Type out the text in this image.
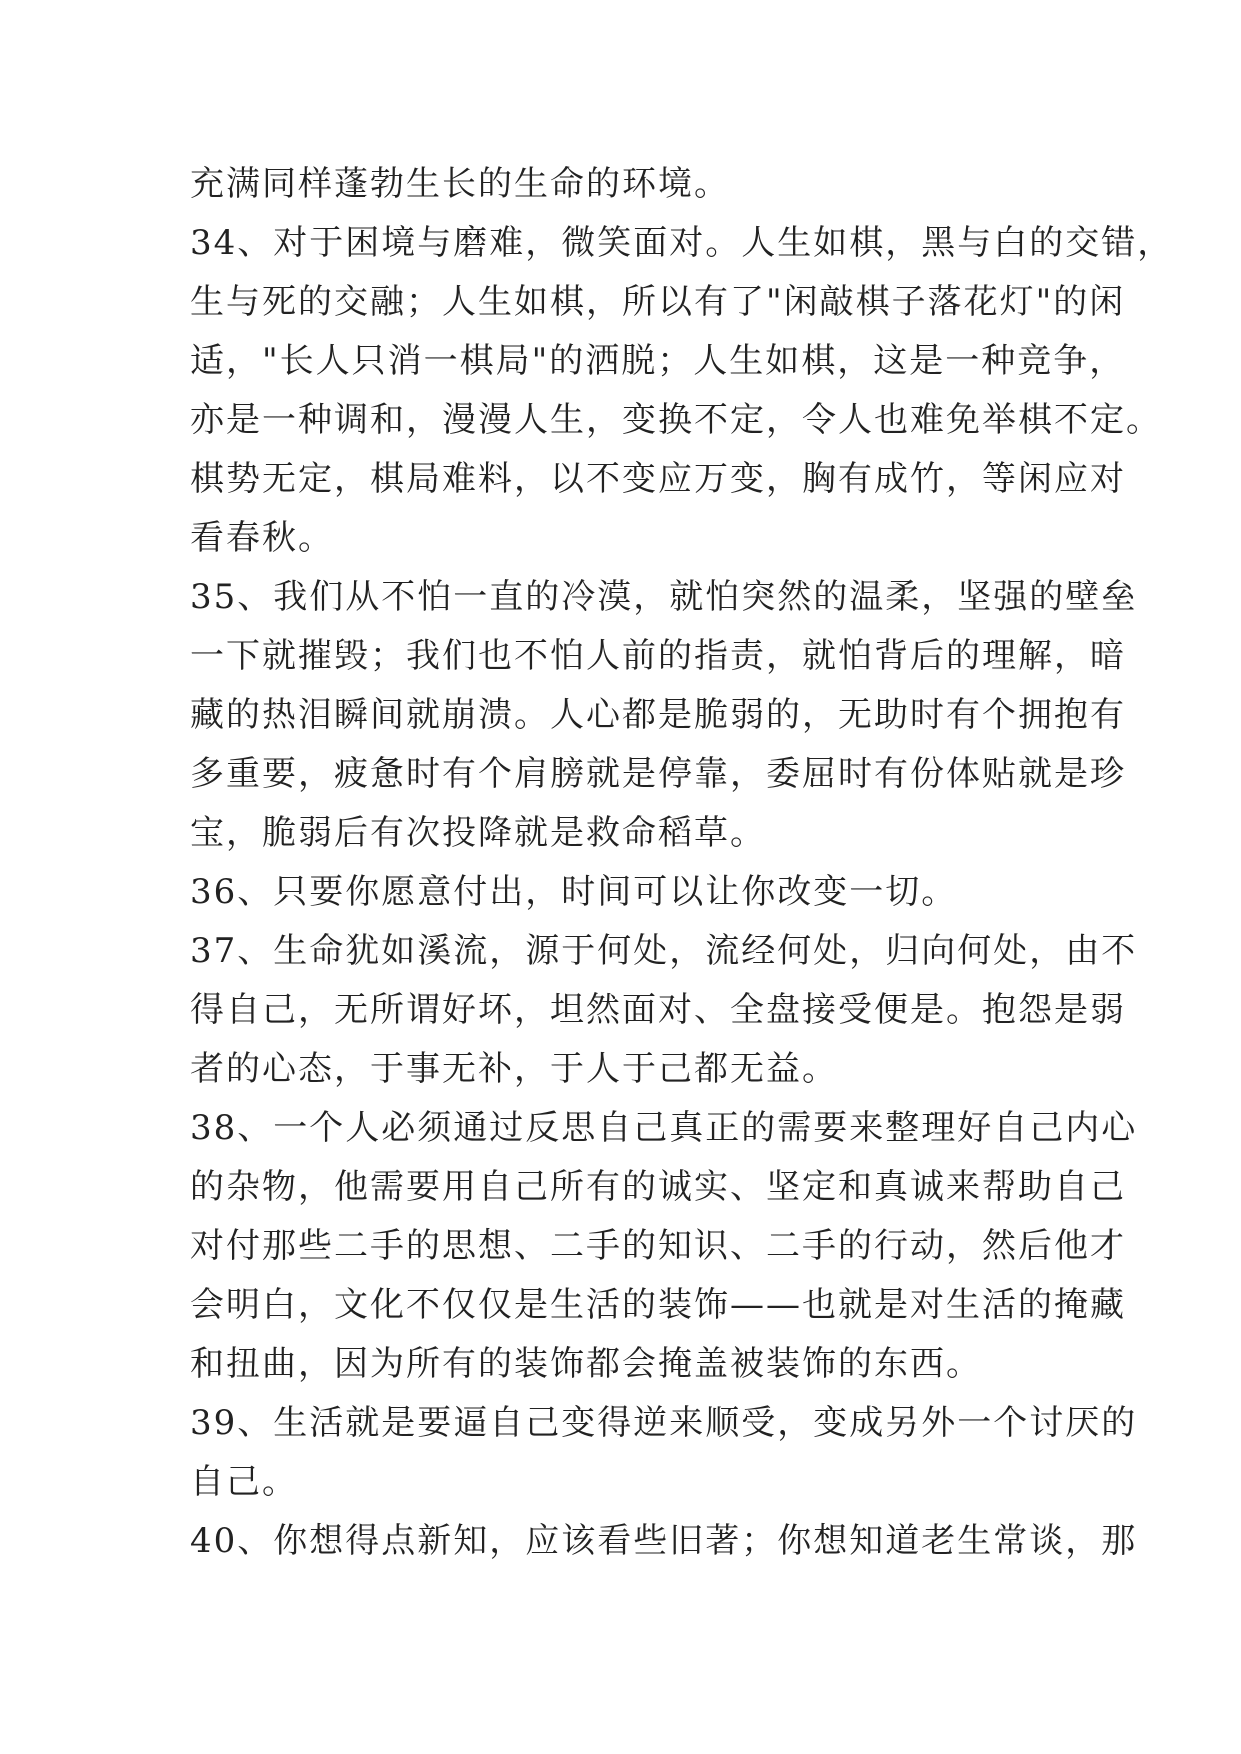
充满同样蓬勃生长的生命的环境。
34、对于困境与磨难，微笑面对。人生如棋，黑与白的交错，
生与死的交融；人生如棋，所以有了"闲敲棋子落花灯"的闲
适，"长人只消一棋局"的洒脱；人生如棋，这是一种竞争，
亦是一种调和，漫漫人生，变换不定，令人也难免举棋不定。
棋势无定，棋局难料，以不变应万变，胸有成竹，等闲应对
看春秋。
35、我们从不怕一直的冷漠，就怕突然的温柔，坚强的壁垒
一下就摧毁；我们也不怕人前的指责，就怕背后的理解，暗
藏的热泪瞬间就崩溃。人心都是脆弱的，无助时有个拥抱有
多重要，疲惫时有个肩膀就是停靠，委屈时有份体贴就是珍
宝，脆弱后有次投降就是救命稻草。
36、只要你愿意付出，时间可以让你改变一切。
37、生命犹如溪流，源于何处，流经何处，归向何处，由不
得自己，无所谓好坏，坦然面对、全盘接受便是。抱怨是弱
者的心态，于事无补，于人于己都无益。
38、一个人必须通过反思自己真正的需要来整理好自己内心
的杂物，他需要用自己所有的诚实、坚定和真诚来帮助自己
对付那些二手的思想、二手的知识、二手的行动，然后他才
会明白，文化不仅仅是生活的装饰——也就是对生活的掩藏
和扭曲，因为所有的装饰都会掩盖被装饰的东西。
39、生活就是要逼自己变得逆来顺受，变成另外一个讨厌的
自己。
40、你想得点新知，应该看些旧著；你想知道老生常谈，那
